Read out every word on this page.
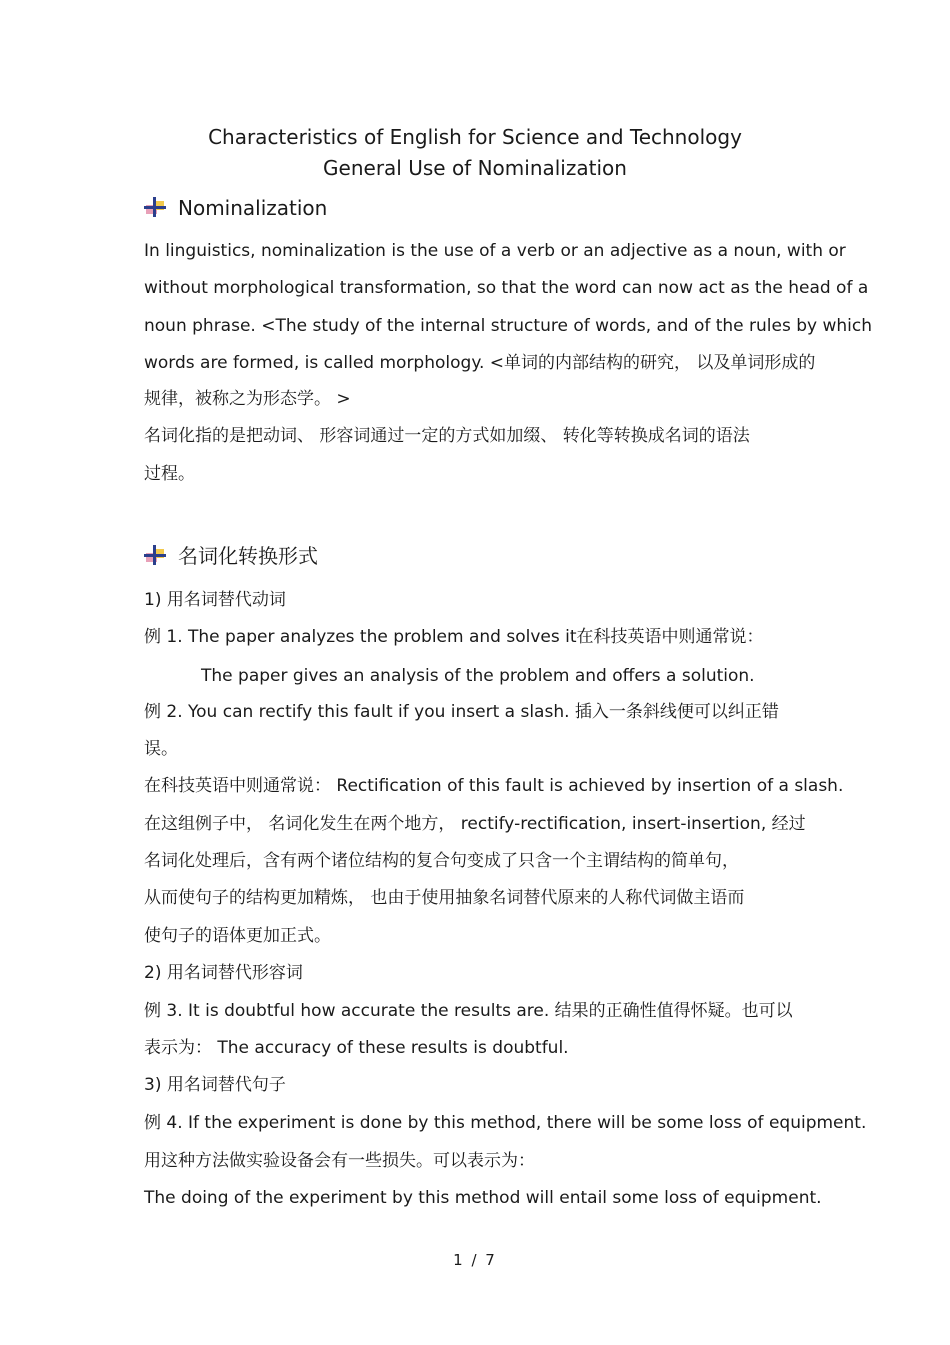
Characteristics of English for Science and Technology
General Use of Nominalization
Nominalization
In linguistics, nominalization is the use of a verb or an adjective as a noun, with or
without morphological transformation, so that the word can now act as the head of a
noun phrase. <The study of the internal structure of words, and of the rules by which
words are formed, is called morphology. <单词的内部结构的研究， 以及单词形成的
规律，被称之为形态学。 >
名词化指的是把动词、 形容词通过一定的方式如加缀、 转化等转换成名词的语法
过程。
名词化转换形式
1) 用名词替代动词
例 1. The paper analyzes the problem and solves it在科技英语中则通常说：
The paper gives an analysis of the problem and offers a solution.
例 2. You can rectify this fault if you insert a slash. 插入一条斜线便可以纠正错
误。
在科技英语中则通常说： Rectification of this fault is achieved by insertion of a slash.
在这组例子中， 名词化发生在两个地方， rectify-rectification, insert-insertion, 经过
名词化处理后，含有两个诸位结构的复合句变成了只含一个主谓结构的简单句，
从而使句子的结构更加精炼， 也由于使用抽象名词替代原来的人称代词做主语而
使句子的语体更加正式。
2) 用名词替代形容词
例 3. It is doubtful how accurate the results are. 结果的正确性值得怀疑。也可以
表示为： The accuracy of these results is doubtful.
3) 用名词替代句子
例 4. If the experiment is done by this method, there will be some loss of equipment.
用这种方法做实验设备会有一些损失。可以表示为：
The doing of the experiment by this method will entail some loss of equipment.
1 / 7
